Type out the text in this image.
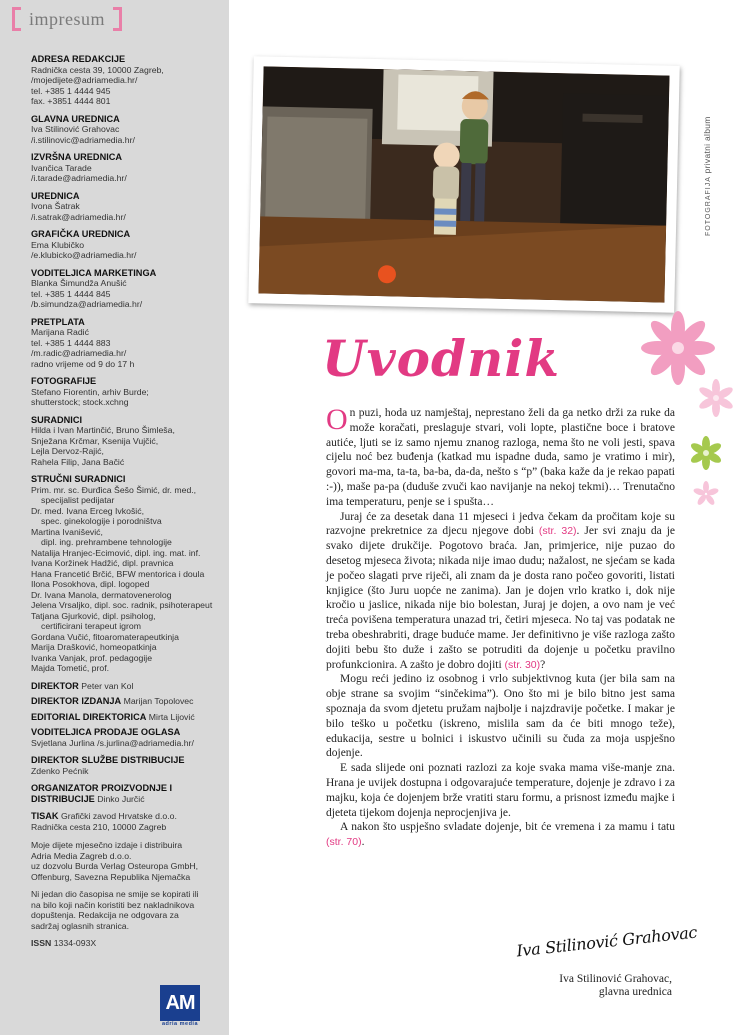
impresum
ADRESA REDAKCIJE
Radnička cesta 39, 10000 Zagreb,
/mojedijete@adriamedia.hr/
tel. +385 1 4444 945
fax. +3851 4444 801
GLAVNA UREDNICA
Iva Stilinović Grahovac
/i.stilinovic@adriamedia.hr/
IZVRŠNA UREDNICA
Ivančica Tarade
/i.tarade@adriamedia.hr/
UREDNICA
Ivona Šatrak
/i.satrak@adriamedia.hr/
GRAFIČKA UREDNICA
Ema Klubičko
/e.klubicko@adriamedia.hr/
VODITELJICA MARKETINGA
Blanka Šimundža Anušić
tel. +385 1 4444 845
/b.simundza@adriamedia.hr/
PRETPLATA
Marijana Radić
tel. +385 1 4444 883
/m.radic@adriamedia.hr/
radno vrijeme od 9 do 17 h
FOTOGRAFIJE
Stefano Fiorentin, arhiv Burde;
shutterstock; stock.xchng
SURADNICI
Hilda i Ivan Martinčić, Bruno Šimleša,
Snježana Krčmar, Ksenija Vujčić,
Lejla Dervoz-Rajić,
Rahela Filip, Jana Bačić
STRUČNI SURADNICI
Prim. mr. sc. Đurđica Šešo Šimić, dr. med.,
specijalist pedijatar
Dr. med. Ivana Erceg Ivkošić,
spec. ginekologije i porodništva
Martina Ivanišević,
dipl. ing. prehrambene tehnologije
Natalija Hranjec-Ecimović, dipl. ing. mat. inf.
Ivana Koržinek Hadžić, dipl. pravnica
Hana Francetić Brčić, BFW mentorica i doula
Ilona Posokhova, dipl. logoped
Dr. Ivana Manola, dermatovenerolog
Jelena Vrsaljko, dipl. soc. radnik, psihoterapeut
Tatjana Gjurković, dipl. psiholog,
certificirani terapeut igrom
Gordana Vučić, fitoaromaterapeutkinja
Marija Drašković, homeopatkinja
Ivanka Vanjak, prof. pedagogije
Majda Tometić, prof.
DIREKTOR Peter van Kol
DIREKTOR IZDANJA Marijan Topolovec
EDITORIAL DIREKTORICA Mirta Lijović
VODITELJICA PRODAJE OGLASA
Svjetlana Jurlina /s.jurlina@adriamedia.hr/
DIREKTOR SLUŽBE DISTRIBUCIJE
Zdenko Pećnik
ORGANIZATOR PROIZVODNJE I
DISTRIBUCIJE Dinko Jurčić
TISAK Grafički zavod Hrvatske d.o.o.
Radnička cesta 210, 10000 Zagreb

Moje dijete mjesečno izdaje i distribuira
Adria Media Zagreb d.o.o.
uz dozvolu Burda Verlag Osteuropa GmbH,
Offenburg, Savezna Republika Njemačka

Ni jedan dio časopisa ne smije se kopirati ili
na bilo koji način koristiti bez nakladnikova
dopuštenja. Redakcija ne odgovara za
sadržaj oglasnih stranica.

ISSN 1334-093X
AM
adria media
FOTOGRAFIJA privatni album
Uvodnik

On puzi, hoda uz namještaj, neprestano želi da ga netko drži za ruke da može koračati, preslaguje stvari, voli lopte, plastične boce i bratove autiće, ljuti se iz samo njemu znanog razloga, nema što ne voli jesti, spava cijelu noć bez buđenja (katkad mu ispadne duda, samo je vratimo i mir), govori ma-ma, ta-ta, ba-ba, da-da, nešto s “p” (baka kaže da je rekao papati :-)), maše pa-pa (duduše zvuči kao navijanje na nekoj tekmi)… Trenutačno ima temperaturu, penje se i spušta…

Juraj će za desetak dana 11 mjeseci i jedva čekam da pročitam koje su razvojne prekretnice za djecu njegove dobi (str. 32). Jer svi znaju da je svako dijete drukčije. Pogotovo braća. Jan, primjerice, nije puzao do desetog mjeseca života; nikada nije imao dudu; nažalost, ne sjećam se kada je počeo slagati prve riječi, ali znam da je dosta rano počeo govoriti, listati knjigice (što Juru uopće ne zanima). Jan je dojen vrlo kratko i, dok nije kročio u jaslice, nikada nije bio bolestan, Juraj je dojen, a ovo nam je već treća povišena temperatura unazad tri, četiri mjeseca. No taj vas podatak ne treba obeshrabriti, drage buduće mame. Jer definitivno je više razloga zašto dojiti bebu što duže i zašto se potruditi da dojenje u početku pravilno profunkcionira. A zašto je dobro dojiti (str. 30)?

Mogu reći jedino iz osobnog i vrlo subjektivnog kuta (jer bila sam na obje strane sa svojim “sinčekima”). Ono što mi je bilo bitno jest sama spoznaja da svom djetetu pružam najbolje i najzdravije početke. I makar je bilo teško u početku (iskreno, mislila sam da će biti mnogo teže), edukacija, sestre u bolnici i iskustvo učinili su čuda za moja uspješno dojenje.

E sada slijede oni poznati razlozi za koje svaka mama više-manje zna. Hrana je uvijek dostupna i odgovarajuće temperature, dojenje je zdravo i za majku, koja će dojenjem brže vratiti staru formu, a prisnost između majke i djeteta tijekom dojenja neprocjenjiva je.

A nakon što uspješno svladate dojenje, bit će vremena i za mamu i tatu (str. 70).

Iva Stilinović Grahovac
Iva Stilinović Grahovac,
glavna urednica
